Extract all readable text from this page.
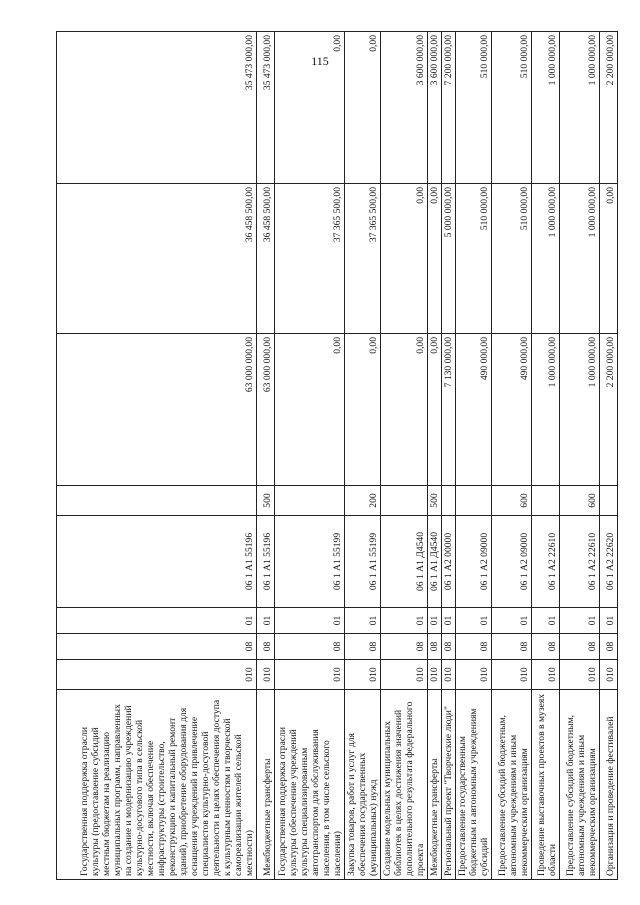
115
Государственная поддержка отрасли культуры (предоставление субсидий местным бюджетам на реализацию муниципальных программ, направленных на создание и модернизацию учреждений культурно-досугового типа в сельской местности, включая обеспечение инфраструктуры (строительство, реконструкцию и капитальный ремонт зданий), приобретение оборудования для оснащения учреждений и привлечение специалистов культурно-досуговой деятельности в целях обеспечения доступа к культурным ценностям и творческой самореализации жителей сельской местности)	010	08	01	06 1 А1 55196		63 000 000,00	36 458 500,00	35 473 000,00
Межбюджетные трансферты	010	08	01	06 1 А1 55196	500	63 000 000,00	36 458 500,00	35 473 000,00
Государственная поддержка отрасли культуры (обеспечение учреждений культуры специализированным автотранспортом для обслуживания населения, в том числе сельского населения)	010	08	01	06 1 А1 55199		0,00	37 365 500,00	0,00
Закупка товаров, работ и услуг для обеспечения государственных (муниципальных) нужд	010	08	01	06 1 А1 55199	200	0,00	37 365 500,00	0,00
Создание модельных муниципальных библиотек в целях достижения значений дополнительного результата федерального проекта	010	08	01	06 1 А1 Д4540		0,00	0,00	3 600 000,00
Межбюджетные трансферты	010	08	01	06 1 А1 Д4540	500	0,00	0,00	3 600 000,00
Региональный проект "Творческие люди"	010	08	01	06 1 А2 00000		7 130 000,00	5 000 000,00	7 200 000,00
Предоставление государственным бюджетным и автономным учреждениям субсидий	010	08	01	06 1 А2 09000		490 000,00	510 000,00	510 000,00
Предоставление субсидий бюджетным, автономным учреждениям и иным некоммерческим организациям	010	08	01	06 1 А2 09000	600	490 000,00	510 000,00	510 000,00
Проведение выставочных проектов в музеях области	010	08	01	06 1 А2 22610		1 000 000,00	1 000 000,00	1 000 000,00
Предоставление субсидий бюджетным, автономным учреждениям и иным некоммерческим организациям	010	08	01	06 1 А2 22610	600	1 000 000,00	1 000 000,00	1 000 000,00
Организация и проведение фестивалей	010	08	01	06 1 А2 22620		2 200 000,00	0,00	2 200 000,00
